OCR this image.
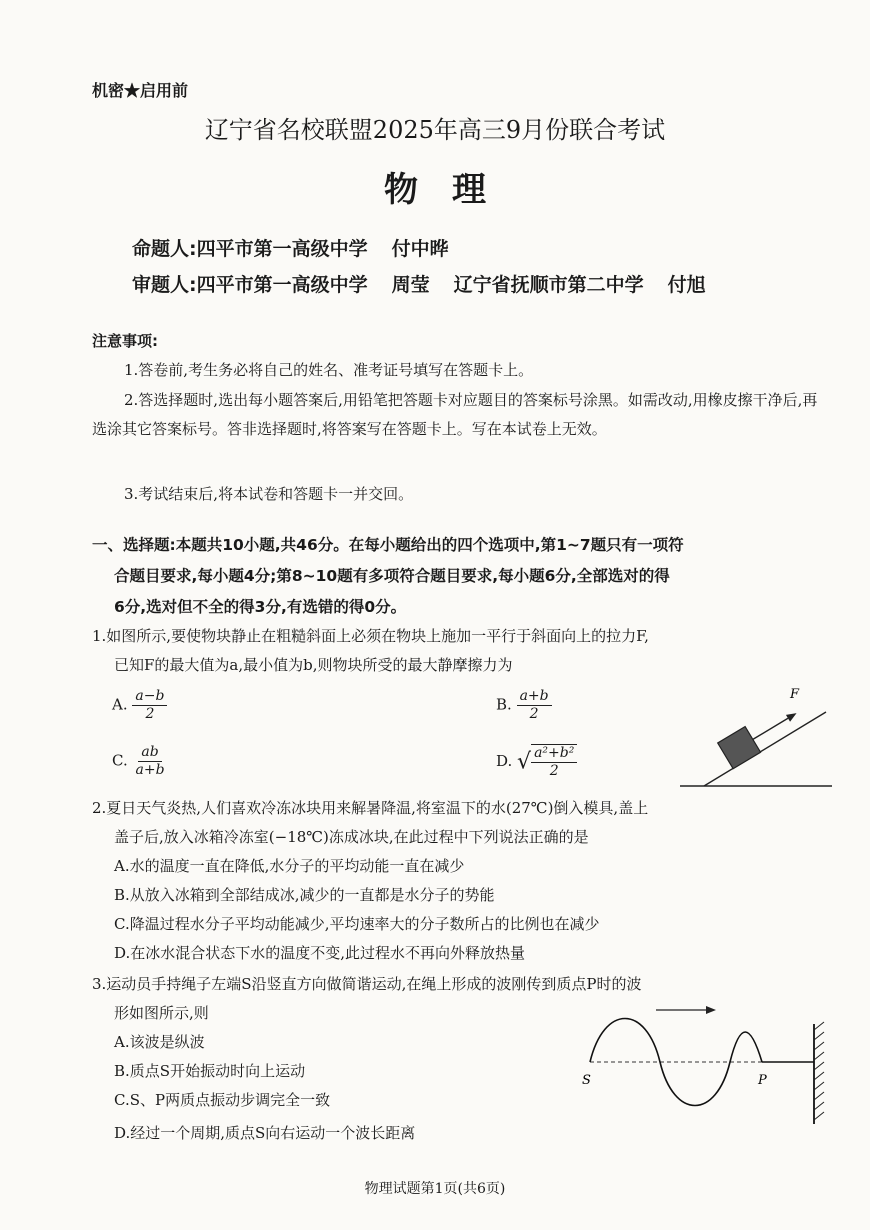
机密★启用前
辽宁省名校联盟2025年高三9月份联合考试
物理
命题人:四平市第一高级中学 付中晔
审题人:四平市第一高级中学 周莹 辽宁省抚顺市第二中学 付旭
注意事项:
1.答卷前,考生务必将自己的姓名、准考证号填写在答题卡上。
2.答选择题时,选出每小题答案后,用铅笔把答题卡对应题目的答案标号涂黑。如需改动,用橡皮擦干净后,再选涂其它答案标号。答非选择题时,将答案写在答题卡上。写在本试卷上无效。
3.考试结束后,将本试卷和答题卡一并交回。
一、选择题:本题共10小题,共46分。在每小题给出的四个选项中,第1~7题只有一项符
合题目要求,每小题4分;第8~10题有多项符合题目要求,每小题6分,全部选对的得
6分,选对但不全的得3分,有选错的得0分。
1.如图所示,要使物块静止在粗糙斜面上必须在物块上施加一平行于斜面向上的拉力F,
已知F的最大值为a,最小值为b,则物块所受的最大静摩擦力为
A. $\frac{a-b}{2}$	B. $\frac{a+b}{2}$
C. $\frac{ab}{a+b}$	D. √ $\frac{\text{a²+b²}}{2}$
F
2.夏日天气炎热,人们喜欢冷冻冰块用来解暑降温,将室温下的水(27℃)倒入模具,盖上
盖子后,放入冰箱冷冻室(−18℃)冻成冰块,在此过程中下列说法正确的是
A.水的温度一直在降低,水分子的平均动能一直在减少
B.从放入冰箱到全部结成冰,减少的一直都是水分子的势能
C.降温过程水分子平均动能减少,平均速率大的分子数所占的比例也在减少
D.在冰水混合状态下水的温度不变,此过程水不再向外释放热量
3.运动员手持绳子左端S沿竖直方向做简谐运动,在绳上形成的波刚传到质点P时的波
形如图所示,则
A.该波是纵波
B.质点S开始振动时向上运动
C.S、P两质点振动步调完全一致
D.经过一个周期,质点S向右运动一个波长距离
S	P
物理试题第1页(共6页)
